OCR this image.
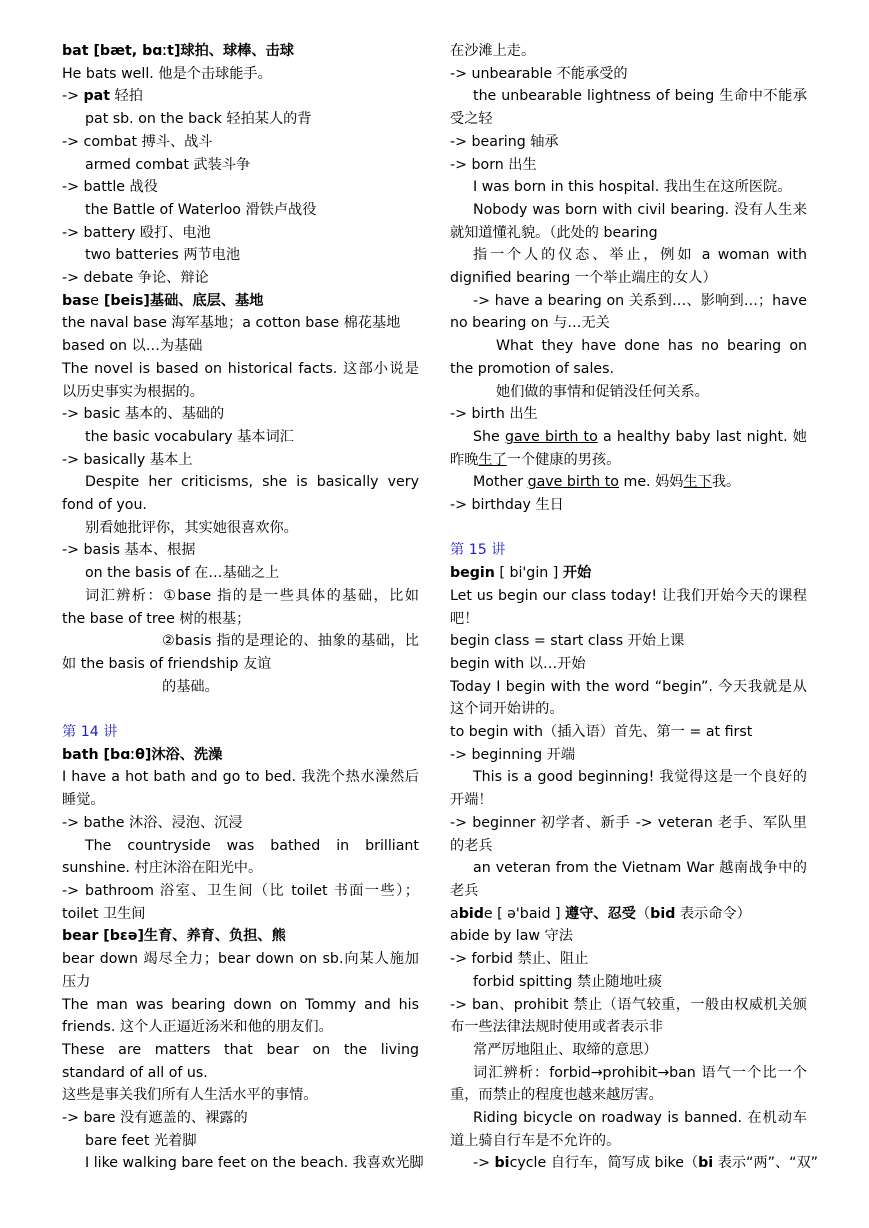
bat [bæt, bɑːt]球拍、球棒、击球

He bats well. 他是个击球能手。

-> pat 轻拍

pat sb. on the back 轻拍某人的背

-> combat 搏斗、战斗

armed combat 武装斗争

-> battle 战役

the Battle of Waterloo 滑铁卢战役

-> battery 殴打、电池

two batteries 两节电池

-> debate 争论、辩论

base [beis]基础、底层、基地

the naval base 海军基地；a cotton base 棉花基地

based on 以…为基础

The novel is based on historical facts. 这部小说是以历史事实为根据的。

-> basic 基本的、基础的

the basic vocabulary 基本词汇

-> basically 基本上

Despite her criticisms, she is basically very fond of you.

别看她批评你，其实她很喜欢你。

-> basis 基本、根据

on the basis of 在…基础之上

词汇辨析：①base 指的是一些具体的基础，比如 the base of tree 树的根基；

②basis 指的是理论的、抽象的基础，比如 the basis of friendship 友谊

的基础。

第 14 讲

bath [bɑːθ]沐浴、洗澡

I have a hot bath and go to bed. 我洗个热水澡然后睡觉。

-> bathe 沐浴、浸泡、沉浸

The countryside was bathed in brilliant sunshine. 村庄沐浴在阳光中。

-> bathroom 浴室、卫生间（比 toilet 书面一些）；toilet 卫生间

bear [bɛə]生育、养育、负担、熊

bear down 竭尽全力；bear down on sb.向某人施加压力

The man was bearing down on Tommy and his friends. 这个人正逼近汤米和他的朋友们。

These are matters that bear on the living standard of all of us.

这些是事关我们所有人生活水平的事情。

-> bare 没有遮盖的、裸露的

bare feet 光着脚

I like walking bare feet on the beach. 我喜欢光脚

在沙滩上走。

-> unbearable 不能承受的

the unbearable lightness of being 生命中不能承受之轻

-> bearing 轴承

-> born 出生

I was born in this hospital. 我出生在这所医院。

Nobody was born with civil bearing. 没有人生来就知道懂礼貌。（此处的 bearing

指一个人的仪态、举止，例如 a woman with dignified bearing 一个举止端庄的女人）

-> have a bearing on 关系到…、影响到…；have no bearing on 与…无关

What they have done has no bearing on the promotion of sales.

她们做的事情和促销没任何关系。

-> birth 出生

She gave birth to a healthy baby last night. 她昨晚生了一个健康的男孩。

Mother gave birth to me. 妈妈生下我。

-> birthday 生日

第 15 讲

begin [ bi'gin ] 开始

Let us begin our class today! 让我们开始今天的课程吧！

begin class = start class 开始上课

begin with 以…开始

Today I begin with the word “begin”. 今天我就是从这个词开始讲的。

to begin with（插入语）首先、第一 = at first

-> beginning 开端

This is a good beginning! 我觉得这是一个良好的开端！

-> beginner 初学者、新手 -> veteran 老手、军队里的老兵

an veteran from the Vietnam War 越南战争中的老兵

abide [ ə'baid ] 遵守、忍受（bid 表示命令）

abide by law 守法

-> forbid 禁止、阻止

forbid spitting 禁止随地吐痰

-> ban、prohibit 禁止（语气较重，一般由权威机关颁布一些法律法规时使用或者表示非

常严厉地阻止、取缔的意思）

词汇辨析：forbid→prohibit→ban 语气一个比一个重，而禁止的程度也越来越厉害。

Riding bicycle on roadway is banned. 在机动车道上骑自行车是不允许的。

-> bicycle 自行车，简写成 bike（bi 表示“两”、“双”
